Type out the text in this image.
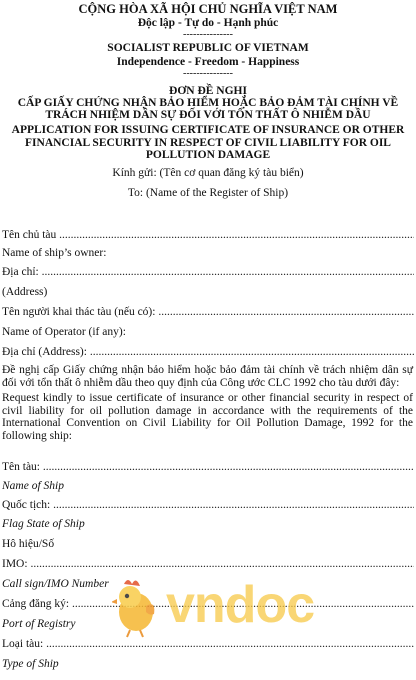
CỘNG HÒA XÃ HỘI CHỦ NGHĨA VIỆT NAM
Độc lập - Tự do - Hạnh phúc
---------------
SOCIALIST REPUBLIC OF VIETNAM
Independence - Freedom - Happiness
---------------
ĐƠN ĐỀ NGHỊ
CẤP GIẤY CHỨNG NHẬN BẢO HIỂM HOẶC BẢO ĐẢM TÀI CHÍNH VỀ
TRÁCH NHIỆM DÂN SỰ ĐỐI VỚI TỔN THẤT Ô NHIỄM DẦU
APPLICATION FOR ISSUING CERTIFICATE OF INSURANCE OR OTHER
FINANCIAL SECURITY IN RESPECT OF CIVIL LIABILITY FOR OIL
POLLUTION DAMAGE
Kính gửi: (Tên cơ quan đăng ký tàu biển)
To: (Name of the Register of Ship)
Tên chủ tàu .....
Name of ship’s owner:
Địa chỉ: .....
(Address)
Tên người khai thác tàu (nếu có): .....
Name of Operator (if any):
Địa chỉ (Address): .....
Đề nghị cấp Giấy chứng nhận bảo hiểm hoặc bảo đảm tài chính về trách nhiệm dân sự đối với tổn thất ô nhiễm dầu theo quy định của Công ước CLC 1992 cho tàu dưới đây:
Request kindly to issue certificate of insurance or other financial security in respect of civil liability for oil pollution damage in accordance with the requirements of the International Convention on Civil Liability for Oil Pollution Damage, 1992 for the following ship:
Tên tàu: .....
Name of Ship
Quốc tịch: .....
Flag State of Ship
Hô hiệu/Số
IMO: .....
Call sign/IMO Number
Cảng đăng ký: .....
Port of Registry
Loại tàu: .....
Type of Ship
vndoc
